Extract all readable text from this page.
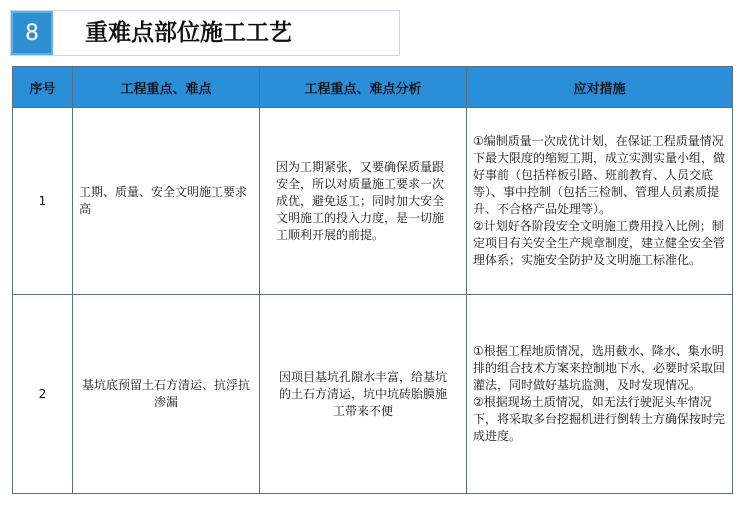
8	重难点部位施工工艺
序号	工程重点、难点	工程重点、难点分析	应对措施
1	工期、质量、安全文明施工要求高	因为工期紧张，又要确保质量跟安全，所以对质量施工要求一次成优，避免返工；同时加大安全文明施工的投入力度，是一切施工顺利开展的前提。	①编制质量一次成优计划，在保证工程质量情况下最大限度的缩短工期，成立实测实量小组，做好事前（包括样板引路、班前教育、人员交底等）、事中控制（包括三检制、管理人员素质提升、不合格产品处理等）。
②计划好各阶段安全文明施工费用投入比例；制定项目有关安全生产规章制度，建立健全安全管理体系；实施安全防护及文明施工标准化。

2	基坑底预留土石方清运、抗浮抗渗漏	因项目基坑孔隙水丰富，给基坑的土石方清运，坑中坑砖胎膜施工带来不便	①根据工程地质情况，选用截水、降水、集水明排的组合技术方案来控制地下水，必要时采取回灌法，同时做好基坑监测，及时发现情况。
②根据现场土质情况，如无法行驶泥头车情况下，将采取多台挖掘机进行倒转土方确保按时完成进度。
